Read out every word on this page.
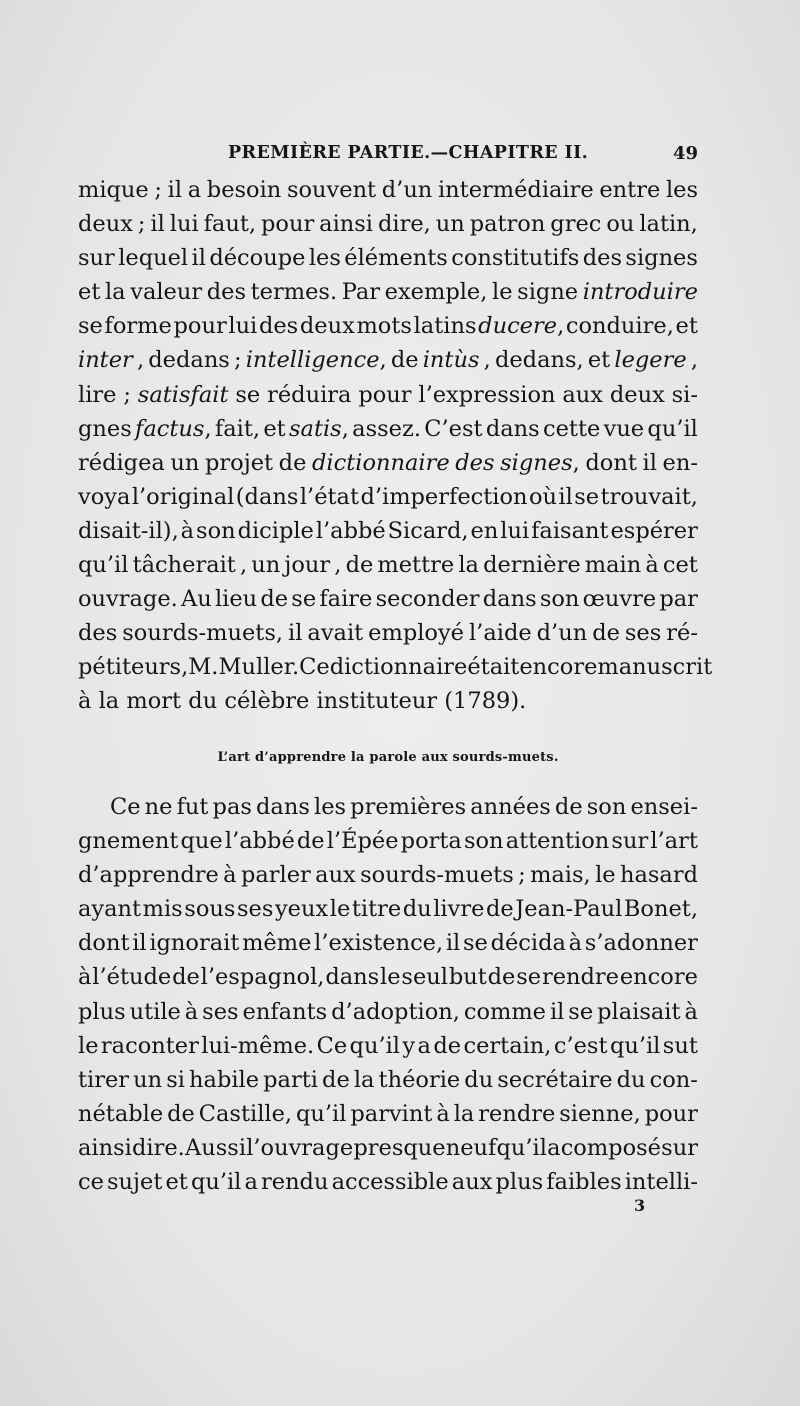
PREMIÈRE PARTIE.—CHAPITRE II.	49
mique ; il a besoin souvent d’un intermédiaire entre les
deux ; il lui faut, pour ainsi dire, un patron grec ou latin,
sur lequel il découpe les éléments constitutifs des signes
et la valeur des termes. Par exemple, le signe introduire
se forme pour lui des deux mots latins ducere, conduire, et
inter , dedans ; intelligence, de intùs , dedans, et legere ,
lire ; satisfait se réduira pour l’expression aux deux si-
gnes factus, fait, et satis, assez. C’est dans cette vue qu’il
rédigea un projet de dictionnaire des signes, dont il en-
voya l’original (dans l’état d’imperfection où il se trouvait,
disait-il), à son diciple l’abbé Sicard, en lui faisant espérer
qu’il tâcherait , un jour , de mettre la dernière main à cet
ouvrage. Au lieu de se faire seconder dans son œuvre par
des sourds-muets, il avait employé l’aide d’un de ses ré-
pétiteurs, M. Muller. Ce dictionnaire était encore manuscrit
à la mort du célèbre instituteur (1789).
L’art d’apprendre la parole aux sourds-muets.
Ce ne fut pas dans les premières années de son ensei-
gnement que l’abbé de l’Épée porta son attention sur l’art
d’apprendre à parler aux sourds-muets ; mais, le hasard
ayant mis sous ses yeux le titre du livre de Jean-Paul Bonet,
dont il ignorait même l’existence, il se décida à s’adonner
à l’étude de l’espagnol, dans le seul but de se rendre encore
plus utile à ses enfants d’adoption, comme il se plaisait à
le raconter lui-même. Ce qu’il y a de certain, c’est qu’il sut
tirer un si habile parti de la théorie du secrétaire du con-
nétable de Castille, qu’il parvint à la rendre sienne, pour
ainsi dire. Aussi l’ouvrage presque neuf qu’il a composé sur
ce sujet et qu’il a rendu accessible aux plus faibles intelli-
3
